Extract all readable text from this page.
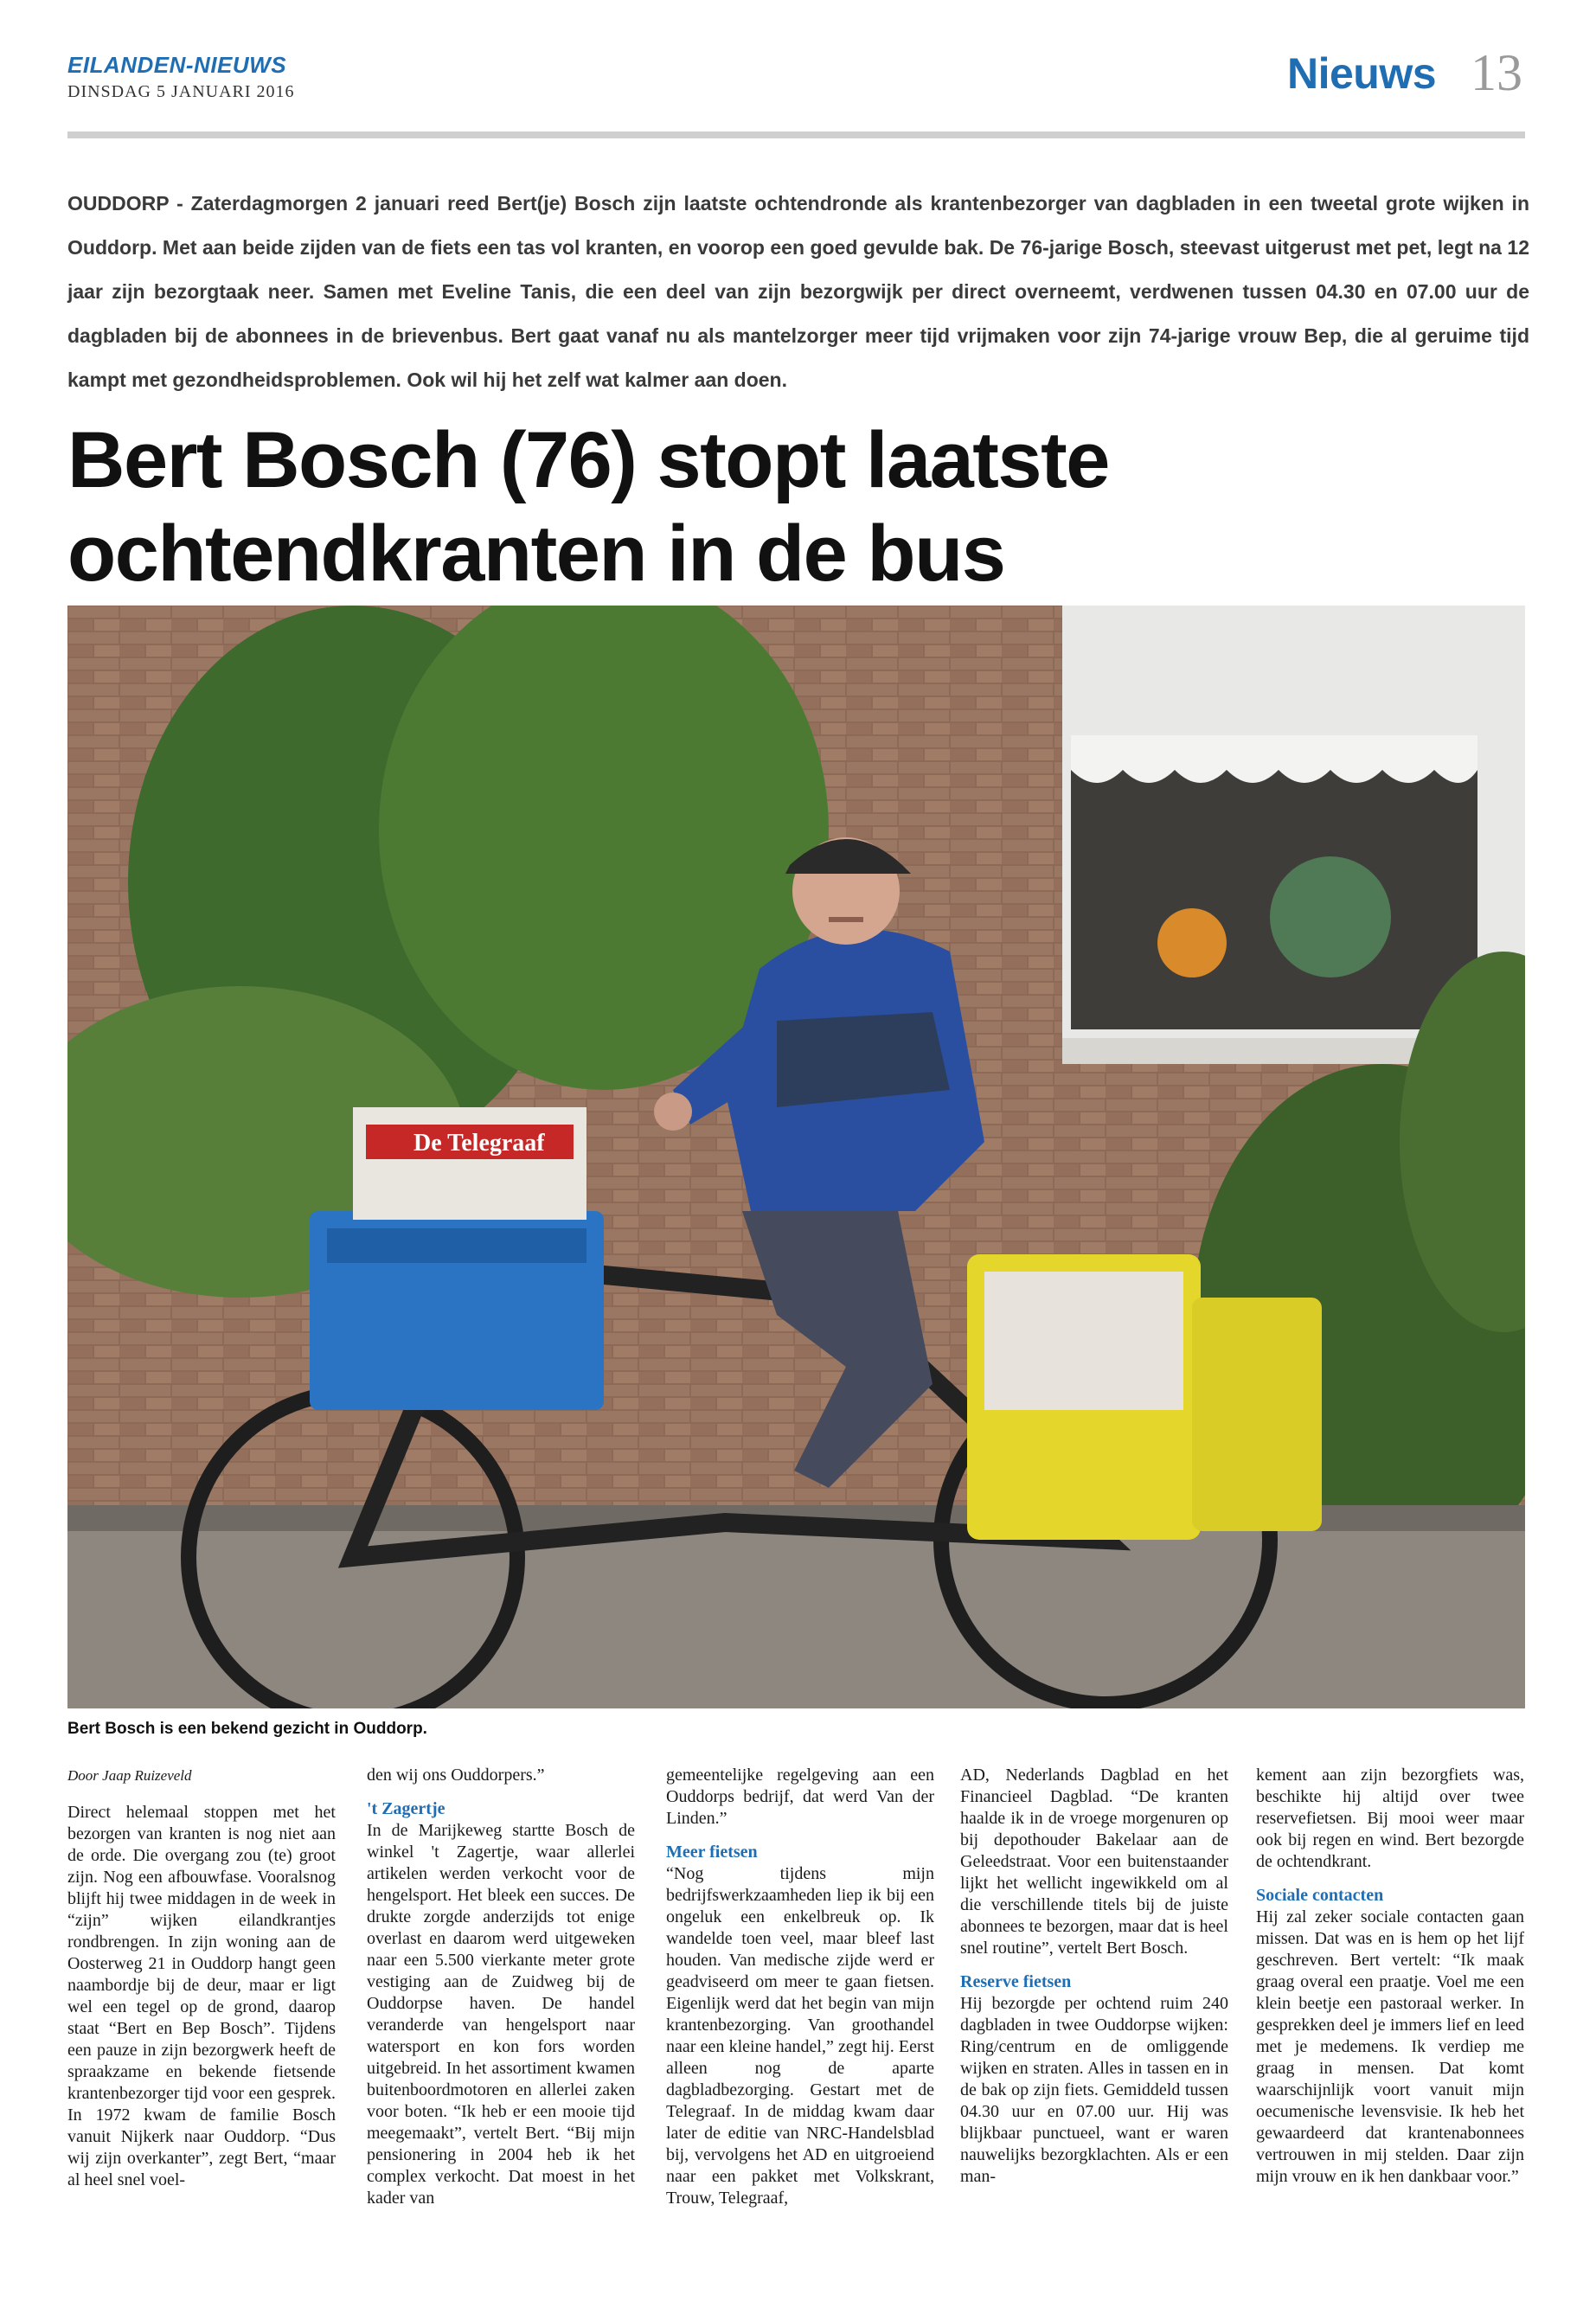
EILANDEN-NIEUWS
DINSDAG 5 JANUARI 2016	Nieuws 13

OUDDORP - Zaterdagmorgen 2 januari reed Bert(je) Bosch zijn laatste ochtendronde als krantenbezorger van dagbladen in een tweetal grote wijken in Ouddorp. Met aan beide zijden van de fiets een tas vol kranten, en voorop een goed gevulde bak. De 76-jarige Bosch, steevast uitgerust met pet, legt na 12 jaar zijn bezorgtaak neer. Samen met Eveline Tanis, die een deel van zijn bezorgwijk per direct overneemt, verdwenen tussen 04.30 en 07.00 uur de dagbladen bij de abonnees in de brievenbus. Bert gaat vanaf nu als mantelzorger meer tijd vrijmaken voor zijn 74-jarige vrouw Bep, die al geruime tijd kampt met gezondheidsproblemen. Ook wil hij het zelf wat kalmer aan doen.

Bert Bosch (76) stopt laatste
ochtendkranten in de bus
De Telegraaf
Bert Bosch is een bekend gezicht in Ouddorp.

Door Jaap Ruizeveld

Direct helemaal stoppen met het bezorgen van kranten is nog niet aan de orde. Die overgang zou (te) groot zijn. Nog een afbouwfase. Vooralsnog blijft hij twee middagen in de week in “zijn” wijken eilandkrantjes rondbrengen. In zijn woning aan de Oosterweg 21 in Ouddorp hangt geen naambordje bij de deur, maar er ligt wel een tegel op de grond, daarop staat “Bert en Bep Bosch”. Tijdens een pauze in zijn bezorgwerk heeft de spraakzame en bekende fietsende krantenbezorger tijd voor een gesprek. In 1972 kwam de familie Bosch vanuit Nijkerk naar Ouddorp. “Dus wij zijn overkanter”, zegt Bert, “maar al heel snel voel-

den wij ons Ouddorpers.”

't Zagertje

In de Marijkeweg startte Bosch de winkel 't Zagertje, waar allerlei artikelen werden verkocht voor de hengelsport. Het bleek een succes. De drukte zorgde anderzijds tot enige overlast en daarom werd uitgeweken naar een 5.500 vierkante meter grote vestiging aan de Zuidweg bij de Ouddorpse haven. De handel veranderde van hengelsport naar watersport en kon fors worden uitgebreid. In het assortiment kwamen buitenboordmotoren en allerlei zaken voor boten. “Ik heb er een mooie tijd meegemaakt”, vertelt Bert. “Bij mijn pensionering in 2004 heb ik het complex verkocht. Dat moest in het kader van

gemeentelijke regelgeving aan een Ouddorps bedrijf, dat werd Van der Linden.”

Meer fietsen

“Nog tijdens mijn bedrijfswerkzaamheden liep ik bij een ongeluk een enkelbreuk op. Ik wandelde toen veel, maar bleef last houden. Van medische zijde werd er geadviseerd om meer te gaan fietsen. Eigenlijk werd dat het begin van mijn krantenbezorging. Van groothandel naar een kleine handel,” zegt hij. Eerst alleen nog de aparte dagbladbezorging. Gestart met de Telegraaf. In de middag kwam daar later de editie van NRC-Handelsblad bij, vervolgens het AD en uitgroeiend naar een pakket met Volkskrant, Trouw, Telegraaf,

AD, Nederlands Dagblad en het Financieel Dagblad. “De kranten haalde ik in de vroege morgenuren op bij depothouder Bakelaar aan de Geleedstraat. Voor een buitenstaander lijkt het wellicht ingewikkeld om al die verschillende titels bij de juiste abonnees te bezorgen, maar dat is heel snel routine”, vertelt Bert Bosch.

Reserve fietsen

Hij bezorgde per ochtend ruim 240 dagbladen in twee Ouddorpse wijken: Ring/centrum en de omliggende wijken en straten. Alles in tassen en in de bak op zijn fiets. Gemiddeld tussen 04.30 uur en 07.00 uur. Hij was blijkbaar punctueel, want er waren nauwelijks bezorgklachten. Als er een man-

kement aan zijn bezorgfiets was, beschikte hij altijd over twee reservefietsen. Bij mooi weer maar ook bij regen en wind. Bert bezorgde de ochtendkrant.

Sociale contacten

Hij zal zeker sociale contacten gaan missen. Dat was en is hem op het lijf geschreven. Bert vertelt: “Ik maak graag overal een praatje. Voel me een klein beetje een pastoraal werker. In gesprekken deel je immers lief en leed met je medemens. Ik verdiep me graag in mensen. Dat komt waarschijnlijk voort vanuit mijn oecumenische levensvisie. Ik heb het gewaardeerd dat krantenabonnees vertrouwen in mij stelden. Daar zijn mijn vrouw en ik hen dankbaar voor.”
